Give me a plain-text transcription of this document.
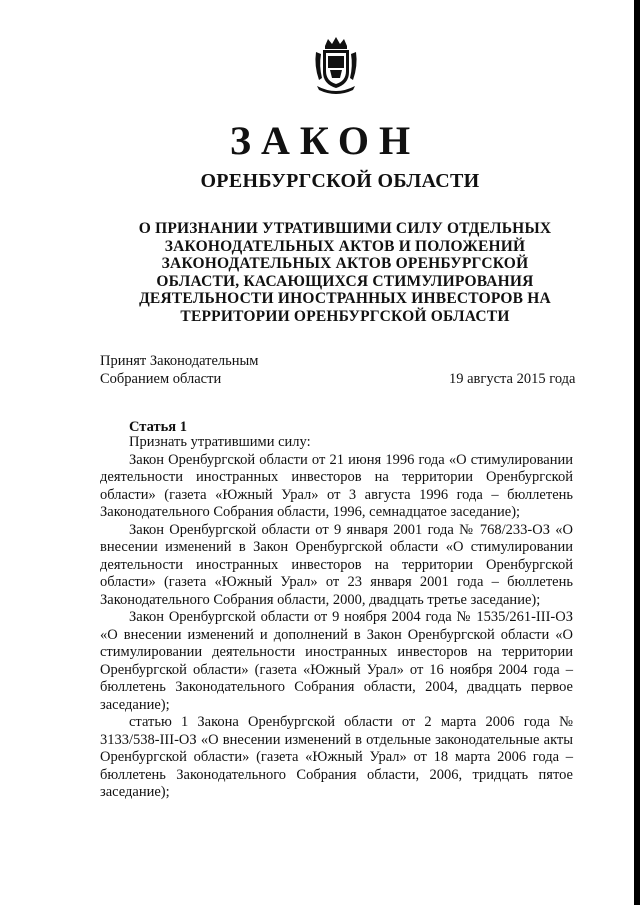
ЗАКОН
ОРЕНБУРГСКОЙ ОБЛАСТИ
О ПРИЗНАНИИ УТРАТИВШИМИ СИЛУ ОТДЕЛЬНЫХ ЗАКОНОДАТЕЛЬНЫХ АКТОВ И ПОЛОЖЕНИЙ ЗАКОНОДАТЕЛЬНЫХ АКТОВ ОРЕНБУРГСКОЙ ОБЛАСТИ, КАСАЮЩИХСЯ СТИМУЛИРОВАНИЯ ДЕЯТЕЛЬНОСТИ ИНОСТРАННЫХ ИНВЕСТОРОВ НА ТЕРРИТОРИИ ОРЕНБУРГСКОЙ ОБЛАСТИ
Принят Законодательным
Собранием области	19 августа 2015 года
Статья 1

Признать утратившими силу:

Закон Оренбургской области от 21 июня 1996 года «О стимулировании деятельности иностранных инвесторов на территории Оренбургской области» (газета «Южный Урал» от 3 августа 1996 года – бюллетень Законодательного Собрания области, 1996, семнадцатое заседание);

Закон Оренбургской области от 9 января 2001 года № 768/233-ОЗ «О внесении изменений в Закон Оренбургской области «О стимулировании деятельности иностранных инвесторов на территории Оренбургской области» (газета «Южный Урал» от 23 января 2001 года – бюллетень Законодательного Собрания области, 2000, двадцать третье заседание);

Закон Оренбургской области от 9 ноября 2004 года № 1535/261-III-ОЗ «О внесении изменений и дополнений в Закон Оренбургской области «О стимулировании деятельности иностранных инвесторов на территории Оренбургской области» (газета «Южный Урал» от 16 ноября 2004 года – бюллетень Законодательного Собрания области, 2004, двадцать первое заседание);

статью 1 Закона Оренбургской области от 2 марта 2006 года № 3133/538-III-ОЗ «О внесении изменений в отдельные законодательные акты Оренбургской области» (газета «Южный Урал» от 18 марта 2006 года – бюллетень Законодательного Собрания области, 2006, тридцать пятое заседание);
